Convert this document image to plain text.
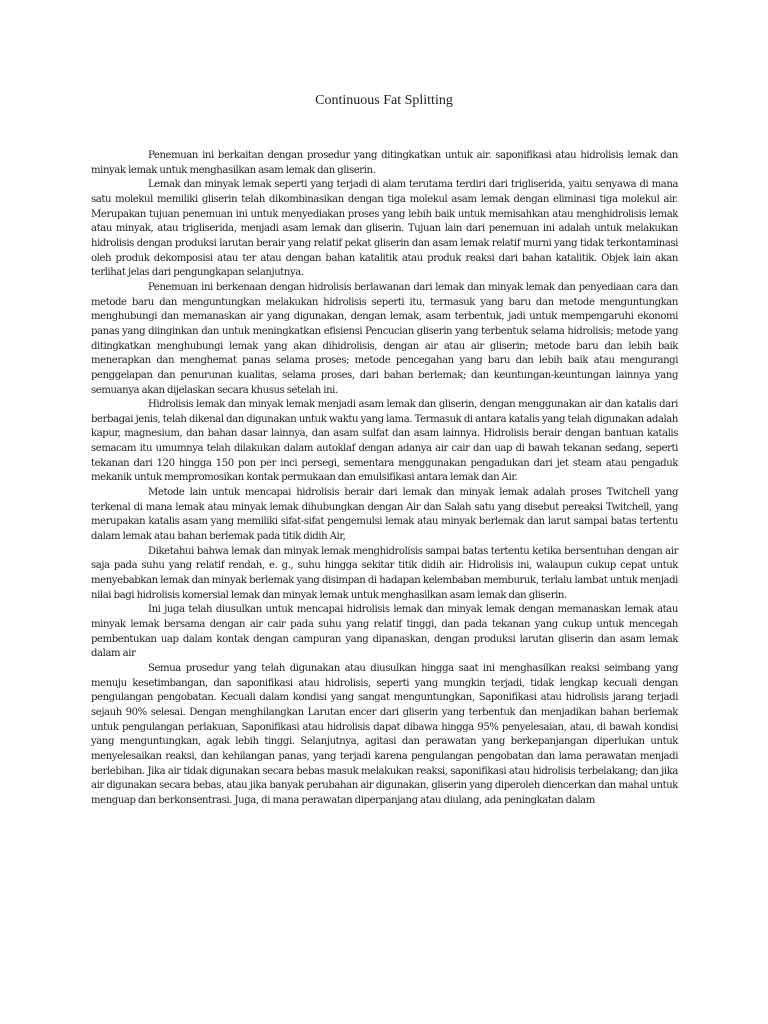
Continuous Fat Splitting

Penemuan ini berkaitan dengan prosedur yang ditingkatkan untuk air. saponifikasi atau hidrolisis lemak dan minyak lemak untuk menghasilkan asam lemak dan gliserin.

Lemak dan minyak lemak seperti yang terjadi di alam terutama terdiri dari trigliserida, yaitu senyawa di mana satu molekul memiliki gliserin telah dikombinasikan dengan tiga molekul asam lemak dengan eliminasi tiga molekul air. Merupakan tujuan penemuan ini untuk menyediakan proses yang lebih baik untuk memisahkan atau menghidrolisis lemak atau minyak, atau trigliserida, menjadi asam lemak dan gliserin. Tujuan lain dari penemuan ini adalah untuk melakukan hidrolisis dengan produksi larutan berair yang relatif pekat gliserin dan asam lemak relatif murni yang tidak terkontaminasi oleh produk dekomposisi atau ter atau dengan bahan katalitik atau produk reaksi dari bahan katalitik. Objek lain akan terlihat jelas dari pengungkapan selanjutnya.

Penemuan ini berkenaan dengan hidrolisis berlawanan dari lemak dan minyak lemak dan penyediaan cara dan metode baru dan menguntungkan melakukan hidrolisis seperti itu, termasuk yang baru dan metode menguntungkan menghubungi dan memanaskan air yang digunakan, dengan lemak, asam terbentuk, jadi untuk mempengaruhi ekonomi panas yang diinginkan dan untuk meningkatkan efisiensi Pencucian gliserin yang terbentuk selama hidrolisis; metode yang ditingkatkan menghubungi lemak yang akan dihidrolisis, dengan air atau air gliserin; metode baru dan lebih baik menerapkan dan menghemat panas selama proses; metode pencegahan yang baru dan lebih baik atau mengurangi penggelapan dan penurunan kualitas, selama proses, dari bahan berlemak; dan keuntungan-keuntungan lainnya yang semuanya akan dijelaskan secara khusus setelah ini.

Hidrolisis lemak dan minyak lemak menjadi asam lemak dan gliserin, dengan menggunakan air dan katalis dari berbagai jenis, telah dikenal dan digunakan untuk waktu yang lama. Termasuk di antara katalis yang telah digunakan adalah kapur, magnesium, dan bahan dasar lainnya, dan asam sulfat dan asam lainnya. Hidrolisis berair dengan bantuan katalis semacam itu umumnya telah dilakukan dalam autoklaf dengan adanya air cair dan uap di bawah tekanan sedang, seperti tekanan dari 120 hingga 150 pon per inci persegi, sementara menggunakan pengadukan dari jet steam atau pengaduk mekanik untuk mempromosikan kontak permukaan dan emulsifikasi antara lemak dan Air.

Metode lain untuk mencapai hidrolisis berair dari lemak dan minyak lemak adalah proses Twitchell yang terkenal di mana lemak atau minyak lemak dihubungkan dengan Air dan Salah satu yang disebut pereaksi Twitchell, yang merupakan katalis asam yang memiliki sifat-sifat pengemulsi lemak atau minyak berlemak dan larut sampai batas tertentu dalam lemak atau bahan berlemak pada titik didih Air,

Diketahui bahwa lemak dan minyak lemak menghidrolisis sampai batas tertentu ketika bersentuhan dengan air saja pada suhu yang relatif rendah, e. g., suhu hingga sekitar titik didih air. Hidrolisis ini, walaupun cukup cepat untuk menyebabkan lemak dan minyak berlemak yang disimpan di hadapan kelembaban memburuk, terlalu lambat untuk menjadi nilai bagi hidrolisis komersial lemak dan minyak lemak untuk menghasilkan asam lemak dan gliserin.

Ini juga telah diusulkan untuk mencapai hidrolisis lemak dan minyak lemak dengan memanaskan lemak atau minyak lemak bersama dengan air cair pada suhu yang relatif tinggi, dan pada tekanan yang cukup untuk mencegah pembentukan uap dalam kontak dengan campuran yang dipanaskan, dengan produksi larutan gliserin dan asam lemak dalam air

Semua prosedur yang telah digunakan atau diusulkan hingga saat ini menghasilkan reaksi seimbang yang menuju kesetimbangan, dan saponifikasi atau hidrolisis, seperti yang mungkin terjadi, tidak lengkap kecuali dengan pengulangan pengobatan. Kecuali dalam kondisi yang sangat menguntungkan, Saponifikasi atau hidrolisis jarang terjadi sejauh 90% selesai. Dengan menghilangkan Larutan encer dari gliserin yang terbentuk dan menjadikan bahan berlemak untuk pengulangan perlakuan, Saponifikasi atau hidrolisis dapat dibawa hingga 95% penyelesaian, atau, di bawah kondisi yang menguntungkan, agak lebih tinggi. Selanjutnya, agitasi dan perawatan yang berkepanjangan diperlukan untuk menyelesaikan reaksi, dan kehilangan panas, yang terjadi karena pengulangan pengobatan dan lama perawatan menjadi berlebihan. Jika air tidak digunakan secara bebas masuk melakukan reaksi, saponifikasi atau hidrolisis terbelakang; dan jika air digunakan secara bebas, atau jika banyak perubahan air digunakan, gliserin yang diperoleh diencerkan dan mahal untuk menguap dan berkonsentrasi. Juga, di mana perawatan diperpanjang atau diulang, ada peningkatan dalam
